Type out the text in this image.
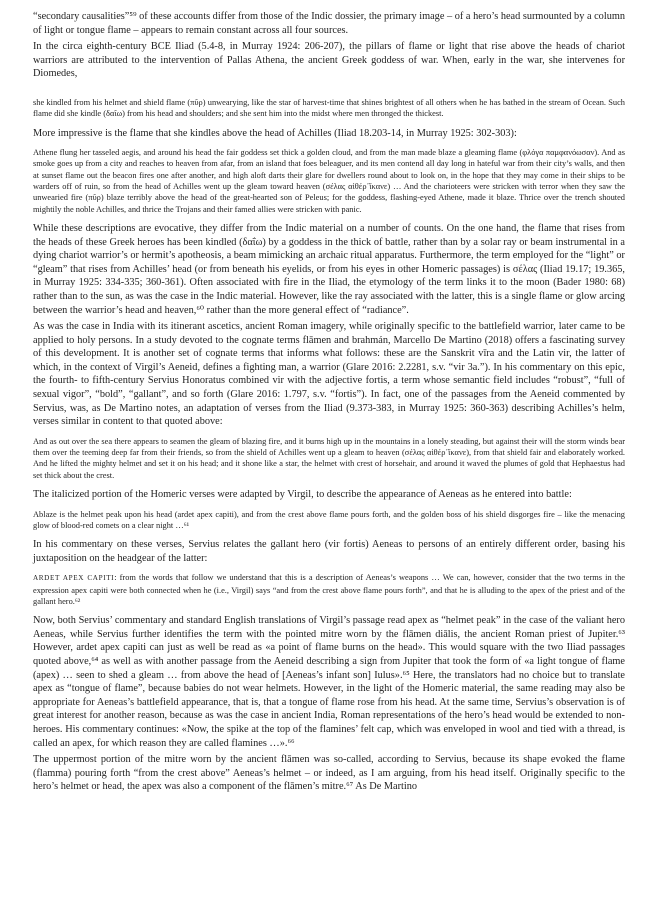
“secondary causalities”⁵⁹ of these accounts differ from those of the Indic dossier, the primary image – of a hero’s head surmounted by a column of light or tongue flame – appears to remain constant across all four sources.

In the circa eighth-century BCE Iliad (5.4-8, in Murray 1924: 206-207), the pillars of flame or light that rise above the heads of chariot warriors are attributed to the intervention of Pallas Athena, the ancient Greek goddess of war. When, early in the war, she intervenes for Diomedes,

she kindled from his helmet and shield flame (πῦρ) unwearying, like the star of harvest-time that shines brightest of all others when he has bathed in the stream of Ocean. Such flame did she kindle (δαῖω) from his head and shoulders; and she sent him into the midst where men thronged the thickest.

More impressive is the flame that she kindles above the head of Achilles (Iliad 18.203-14, in Murray 1925: 302-303):

Athene flung her tasseled aegis, and around his head the fair goddess set thick a golden cloud, and from the man made blaze a gleaming flame (φλόγα παμφανόωσαν). And as smoke goes up from a city and reaches to heaven from afar, from an island that foes beleaguer, and its men contend all day long in hateful war from their city’s walls, and then at sunset flame out the beacon fires one after another, and high aloft darts their glare for dwellers round about to look on, in the hope that they may come in their ships to be warders off of ruin, so from the head of Achilles went up the gleam toward heaven (σέλας αἰθέρ᾽ἵκανε) … And the charioteers were stricken with terror when they saw the unwearied fire (πῦρ) blaze terribly above the head of the great-hearted son of Peleus; for the goddess, flashing-eyed Athene, made it blaze. Thrice over the trench shouted mightily the noble Achilles, and thrice the Trojans and their famed allies were stricken with panic.

While these descriptions are evocative, they differ from the Indic material on a number of counts. On the one hand, the flame that rises from the heads of these Greek heroes has been kindled (δαΐω) by a goddess in the thick of battle, rather than by a solar ray or beam instrumental in a dying chariot warrior’s or hermit’s apotheosis, a beam mimicking an archaic ritual apparatus. Furthermore, the term employed for the “light” or “gleam” that rises from Achilles’ head (or from beneath his eyelids, or from his eyes in other Homeric passages) is σέλας (Iliad 19.17; 19.365, in Murray 1925: 334-335; 360-361). Often associated with fire in the Iliad, the etymology of the term links it to the moon (Bader 1980: 68) rather than to the sun, as was the case in the Indic material. However, like the ray associated with the latter, this is a single flame or glow arcing between the warrior’s head and heaven,⁶⁰ rather than the more general effect of “radiance”.

As was the case in India with its itinerant ascetics, ancient Roman imagery, while originally specific to the battlefield warrior, later came to be applied to holy persons. In a study devoted to the cognate terms flāmen and brahmán, Marcello De Martino (2018) offers a fascinating survey of this development. It is another set of cognate terms that informs what follows: these are the Sanskrit vīra and the Latin vir, the latter of which, in the context of Virgil’s Aeneid, defines a fighting man, a warrior (Glare 2016: 2.2281, s.v. “vir 3a.”). In his commentary on this epic, the fourth- to fifth-century Servius Honoratus combined vir with the adjective fortis, a term whose semantic field includes “robust”, “full of sexual vigor”, “bold”, “gallant”, and so forth (Glare 2016: 1.797, s.v. “fortis”). In fact, one of the passages from the Aeneid commented by Servius, was, as De Martino notes, an adaptation of verses from the Iliad (9.373-383, in Murray 1925: 360-363) describing Achilles’s helm, verses similar in content to that quoted above:

And as out over the sea there appears to seamen the gleam of blazing fire, and it burns high up in the mountains in a lonely steading, but against their will the storm winds bear them over the teeming deep far from their friends, so from the shield of Achilles went up a gleam to heaven (σέλας αἰθέρ᾽ἵκανε), from that shield fair and elaborately worked. And he lifted the mighty helmet and set it on his head; and it shone like a star, the helmet with crest of horsehair, and around it waved the plumes of gold that Hephaestus had set thick about the crest.

The italicized portion of the Homeric verses were adapted by Virgil, to describe the appearance of Aeneas as he entered into battle:

Ablaze is the helmet peak upon his head (ardet apex capiti), and from the crest above flame pours forth, and the golden boss of his shield disgorges fire – like the menacing glow of blood-red comets on a clear night …⁶¹

In his commentary on these verses, Servius relates the gallant hero (vir fortis) Aeneas to persons of an entirely different order, basing his juxtaposition on the headgear of the latter:

ARDET APEX CAPITI: from the words that follow we understand that this is a description of Aeneas’s weapons … We can, however, consider that the two terms in the expression apex capiti were both connected when he (i.e., Virgil) says “and from the crest above flame pours forth”, and that he is alluding to the apex of the priest and of the gallant hero.⁶²

Now, both Servius’ commentary and standard English translations of Virgil’s passage read apex as “helmet peak” in the case of the valiant hero Aeneas, while Servius further identifies the term with the pointed mitre worn by the flāmen diālis, the ancient Roman priest of Jupiter.⁶³ However, ardet apex capiti can just as well be read as «a point of flame burns on the head». This would square with the two Iliad passages quoted above,⁶⁴ as well as with another passage from the Aeneid describing a sign from Jupiter that took the form of «a light tongue of flame (apex) … seen to shed a gleam … from above the head of [Aeneas’s infant son] Iulus».⁶⁵ Here, the translators had no choice but to translate apex as “tongue of flame”, because babies do not wear helmets. However, in the light of the Homeric material, the same reading may also be appropriate for Aeneas’s battlefield appearance, that is, that a tongue of flame rose from his head. At the same time, Servius’s observation is of great interest for another reason, because as was the case in ancient India, Roman representations of the hero’s head would be extended to non-heroes. His commentary continues: «Now, the spike at the top of the flamines’ felt cap, which was enveloped in wool and tied with a thread, is called an apex, for which reason they are called flamines …».⁶⁶

The uppermost portion of the mitre worn by the ancient flāmen was so-called, according to Servius, because its shape evoked the flame (flamma) pouring forth “from the crest above” Aeneas’s helmet – or indeed, as I am arguing, from his head itself. Originally specific to the hero’s helmet or head, the apex was also a component of the flāmen’s mitre.⁶⁷ As De Martino
